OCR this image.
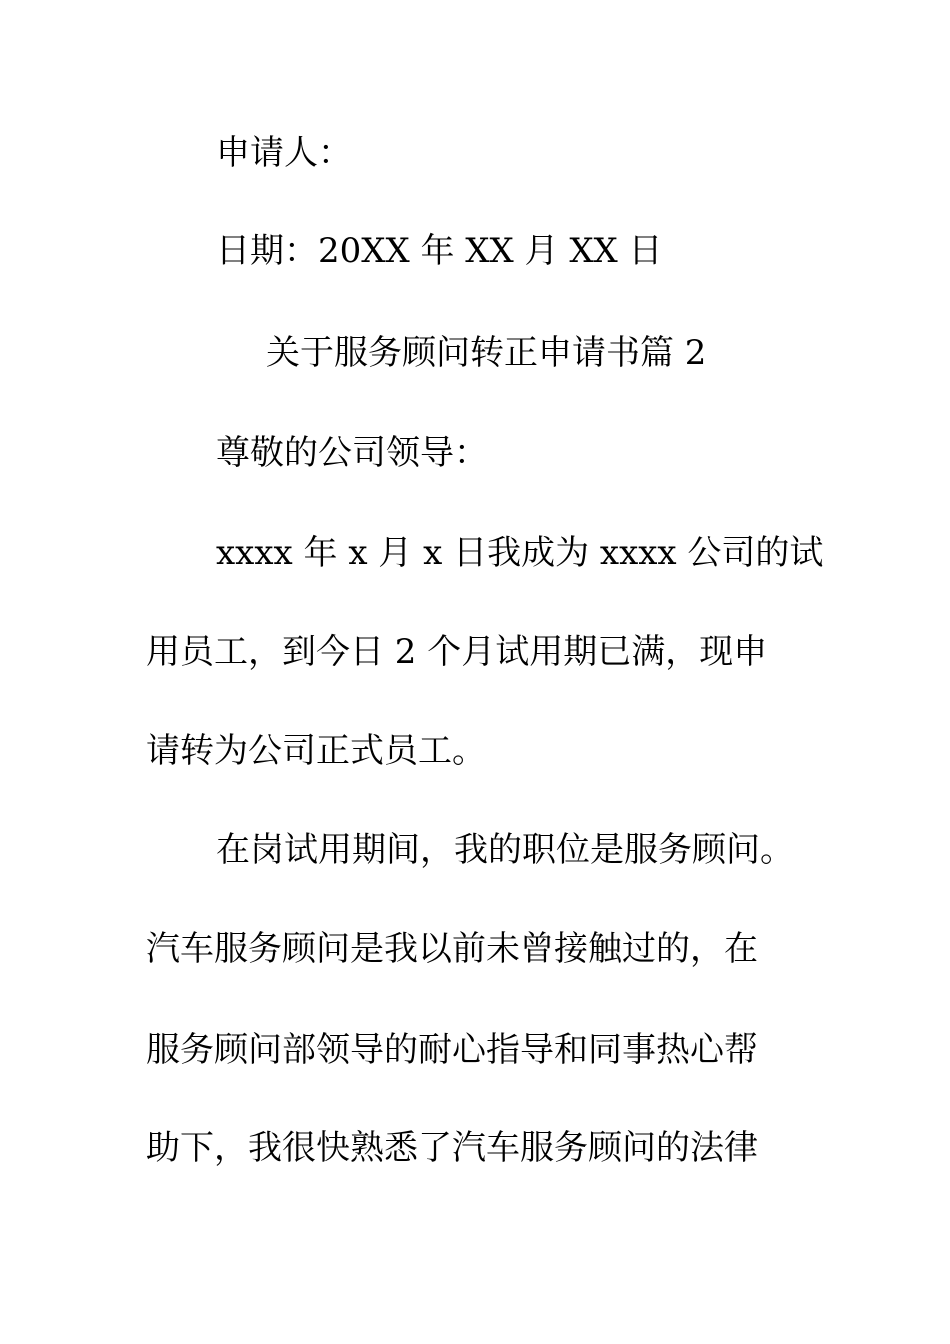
申请人：
日期：20XX 年 XX 月 XX 日
关于服务顾问转正申请书篇 2
尊敬的公司领导：
xxxx 年 x 月 x 日我成为 xxxx 公司的试
用员工，到今日 2 个月试用期已满，现申
请转为公司正式员工。
在岗试用期间，我的职位是服务顾问。
汽车服务顾问是我以前未曾接触过的，在
服务顾问部领导的耐心指导和同事热心帮
助下，我很快熟悉了汽车服务顾问的法律
